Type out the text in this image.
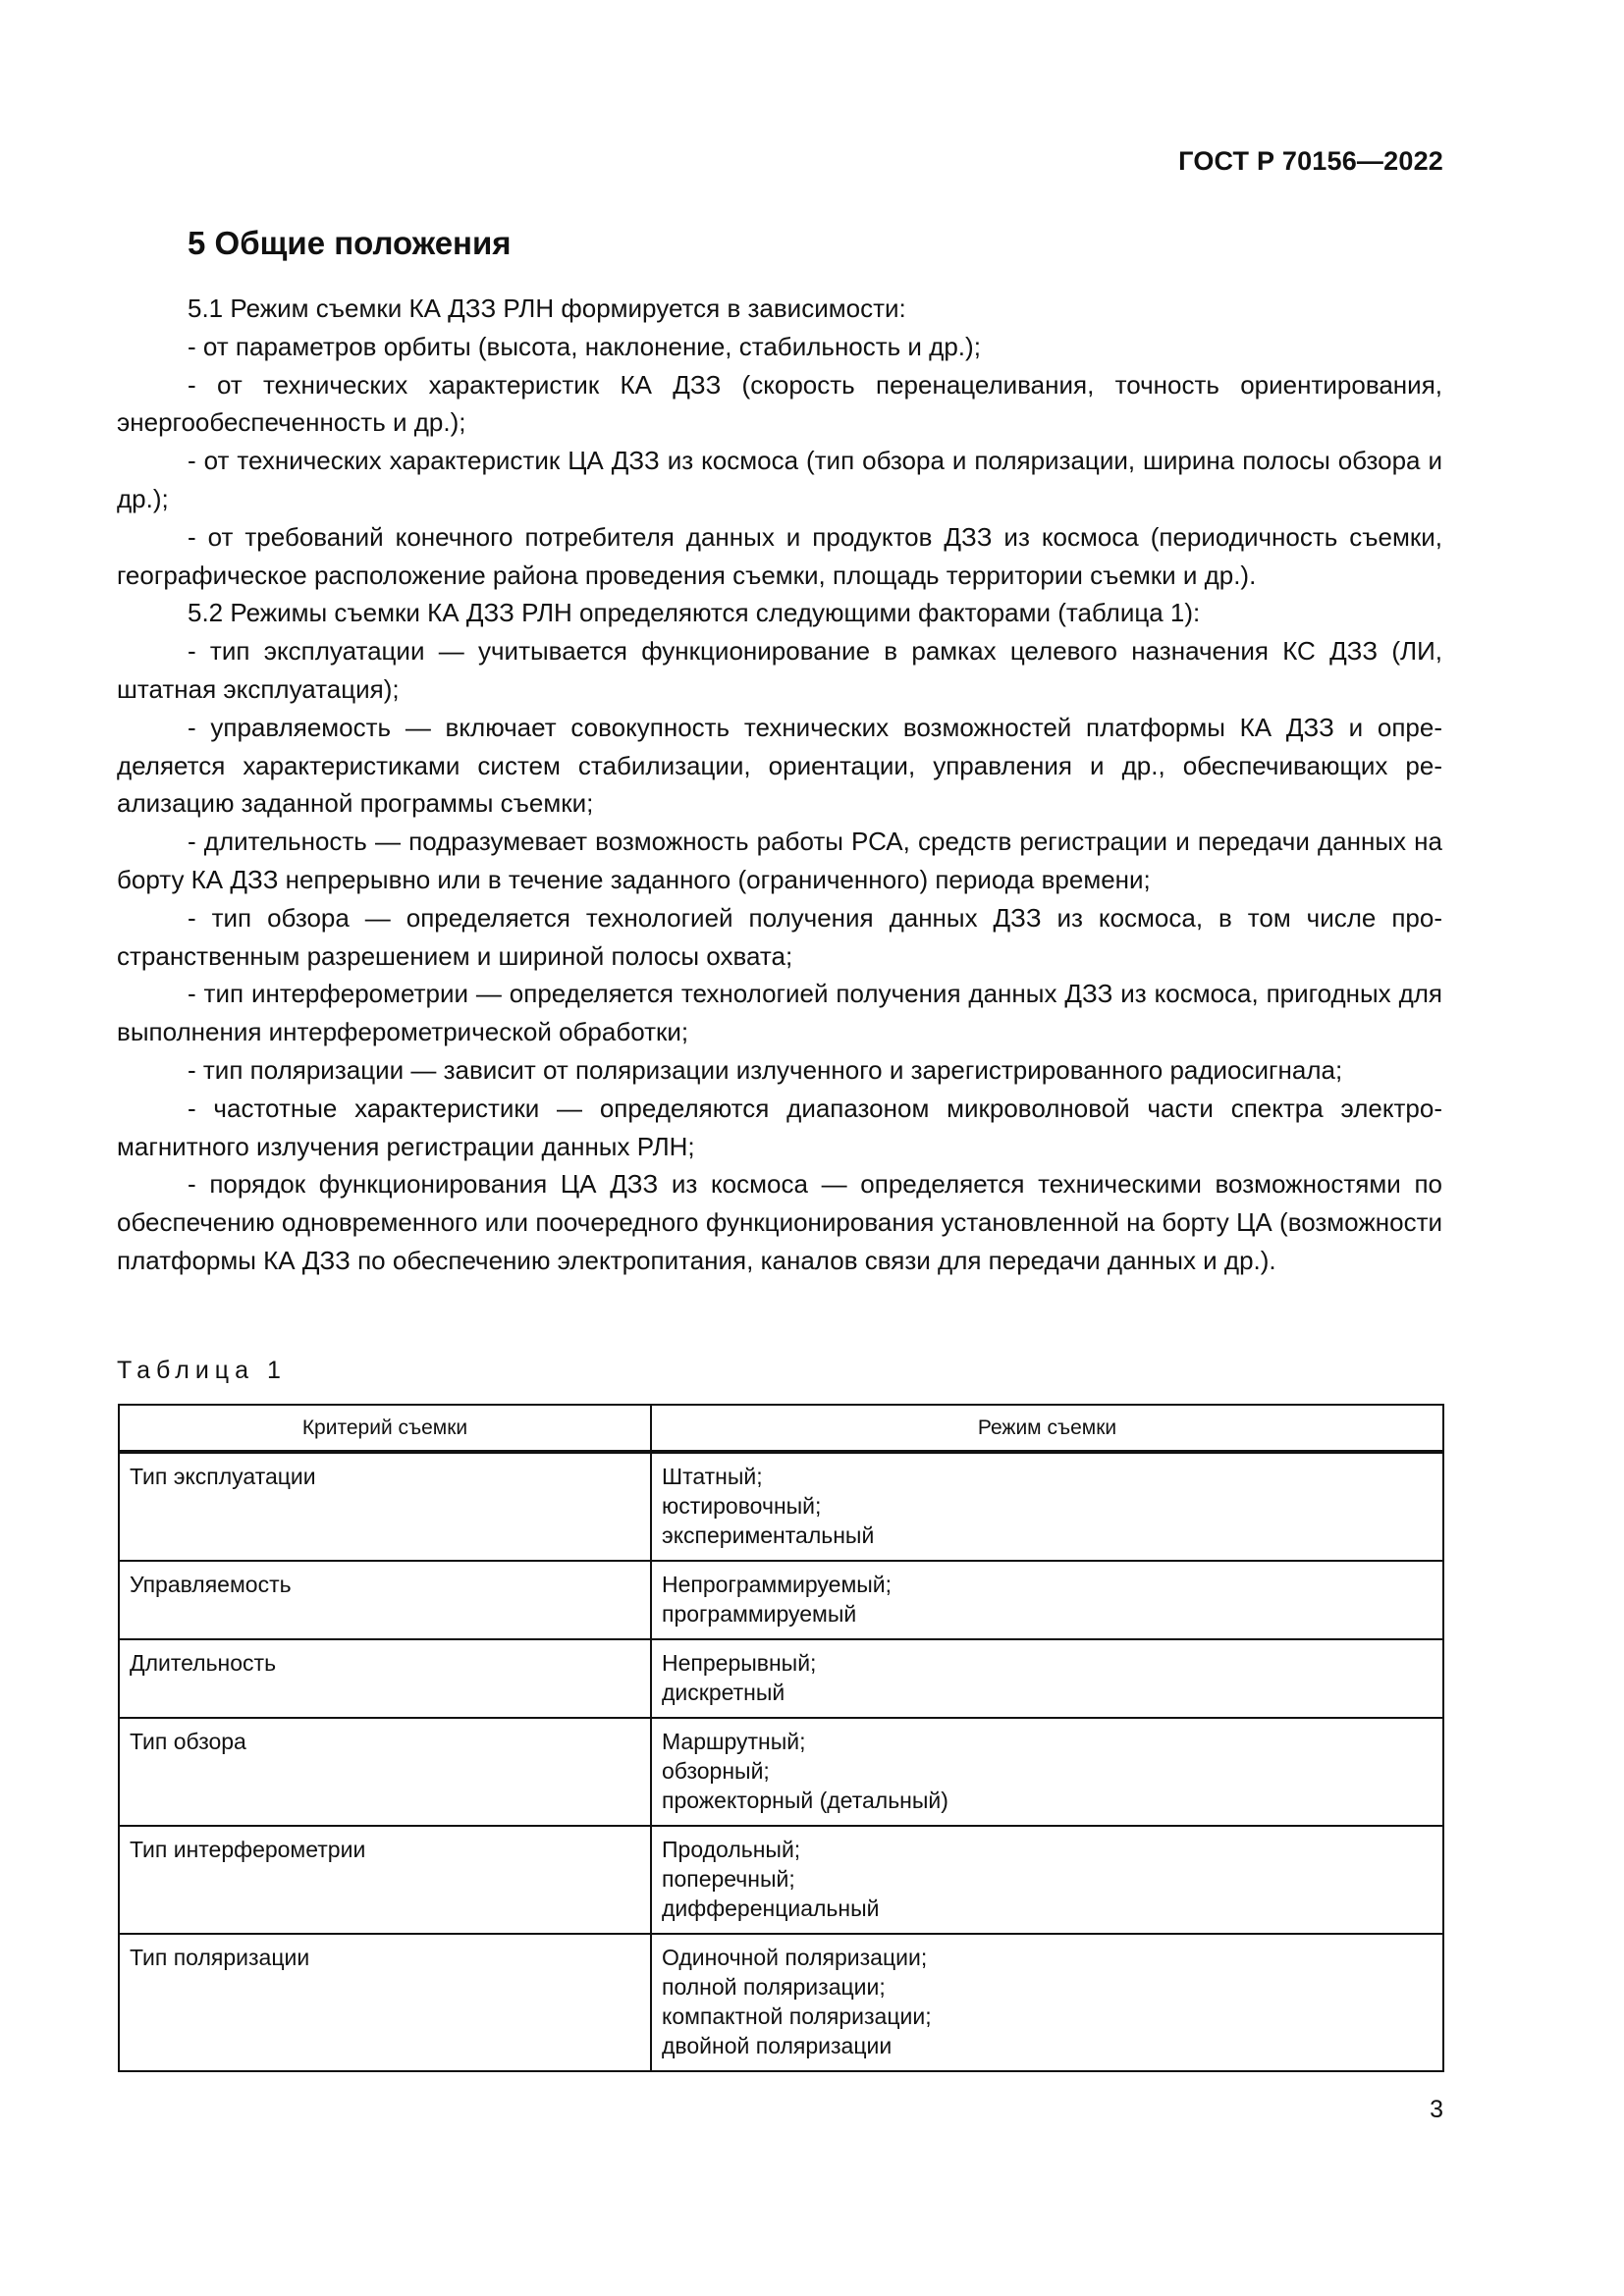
ГОСТ Р 70156—2022
5 Общие положения

5.1 Режим съемки КА ДЗЗ РЛН формируется в зависимости:

- от параметров орбиты (высота, наклонение, стабильность и др.);

- от технических характеристик КА ДЗЗ (скорость перенацеливания, точность ориентирования, энергообеспеченность и др.);

- от технических характеристик ЦА ДЗЗ из космоса (тип обзора и поляризации, ширина полосы обзора и др.);

- от требований конечного потребителя данных и продуктов ДЗЗ из космоса (периодичность съемки, географическое расположение района проведения съемки, площадь территории съемки и др.).

5.2 Режимы съемки КА ДЗЗ РЛН определяются следующими факторами (таблица 1):

- тип эксплуатации — учитывается функционирование в рамках целевого назначения КС ДЗЗ (ЛИ, штатная эксплуатация);

- управляемость — включает совокупность технических возможностей платформы КА ДЗЗ и определяется характеристиками систем стабилизации, ориентации, управления и др., обеспечивающих реализацию заданной программы съемки;

- длительность — подразумевает возможность работы РСА, средств регистрации и передачи данных на борту КА ДЗЗ непрерывно или в течение заданного (ограниченного) периода времени;

- тип обзора — определяется технологией получения данных ДЗЗ из космоса, в том числе пространственным разрешением и шириной полосы охвата;

- тип интерферометрии — определяется технологией получения данных ДЗЗ из космоса, пригодных для выполнения интерферометрической обработки;

- тип поляризации — зависит от поляризации излученного и зарегистрированного радиосигнала;

- частотные характеристики — определяются диапазоном микроволновой части спектра электромагнитного излучения регистрации данных РЛН;

- порядок функционирования ЦА ДЗЗ из космоса — определяется техническими возможностями по обеспечению одновременного или поочередного функционирования установленной на борту ЦА (возможности платформы КА ДЗЗ по обеспечению электропитания, каналов связи для передачи данных и др.).

Таблица 1
Критерий съемки	Режим съемки
Тип эксплуатации	Штатный;
юстировочный;
экспериментальный

Управляемость	Непрограммируемый;
программируемый

Длительность	Непрерывный;
дискретный

Тип обзора	Маршрутный;
обзорный;
прожекторный (детальный)

Тип интерферометрии	Продольный;
поперечный;
дифференциальный

Тип поляризации	Одиночной поляризации;
полной поляризации;
компактной поляризации;
двойной поляризации
3
